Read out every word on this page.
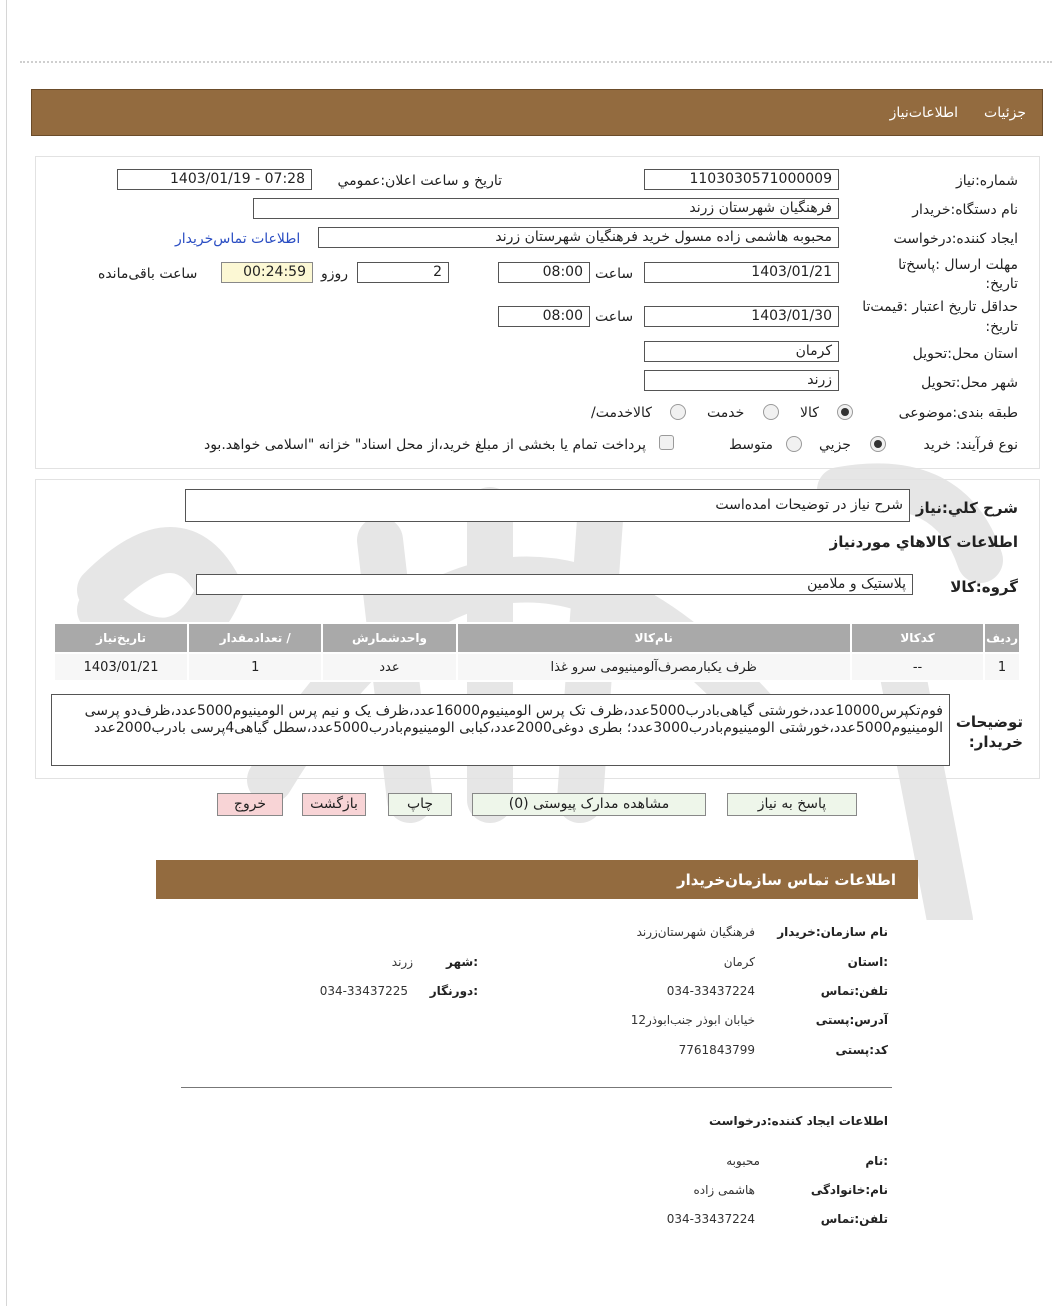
اطلاعات‌نیاز جزئیات
شماره:نیاز
1103030571000009
تاریخ و ساعت اعلان:عمومي
1403/01/19 - 07:28
نام دستگاه:خریدار
فرهنگیان شهرستان زرند
ایجاد کننده:درخواست
محبوبه هاشمی زاده مسول خرید فرهنگیان شهرستان زرند
اطلاعات تماس‌خریدار
مهلت ارسال :پاسخ‌تا
:تاریخ
1403/01/21
ساعت
08:00
2
روزو
00:24:59
ساعت باقی‌مانده
حداقل تاریخ اعتبار :قیمت‌تا
:تاریخ
1403/01/30
ساعت
08:00
استان محل:تحویل
کرمان
شهر محل:تحویل
زرند
طبقه بندی:موضوعی
کالا
خدمت
/کالاخدمت
نوع فرآیند: خرید
جزیي
متوسط
پرداخت تمام یا بخشی از مبلغ خرید،از محل اسناد" خزانه "اسلامی خواهد.بود
شرح کلي:نیاز
شرح نیاز در توضیحات امده‌است
اطلاعات کالاهاي موردنیاز
گروه:کالا
پلاستیک و ملامین
ردیف	کدکالا	نام‌کالا	واحدشمارش	/ تعدادمقدار	تاریخ‌نیاز
1	--	ظرف یکبارمصرف‌آلومینیومی سرو غذا	عدد	1	1403/01/21
توضیحات
:خریدار
فوم‌تکپرس10000عدد،خورشتی گیاهی‌بادرب5000عدد،ظرف تک پرس الومینیوم16000عدد،ظرف یک و نیم پرس الومینیوم5000عدد،ظرف‌دو پرسی الومینیوم5000عدد،خورشتی الومینیوم‌بادرب3000عدد؛ بطری دوغی2000عدد،کبابی الومینیوم‌بادرب5000عدد،سطل گیاهی4پرسی بادرب2000عدد
پاسخ به نیاز
مشاهده مدارک پیوستی (0)
چاپ
بازگشت
خروج
اطلاعات تماس سازمان‌خریدار
نام سازمان:خریدار
فرهنگیان شهرستان‌زرند
:استان
کرمان
:شهر
زرند
تلفن:تماس
034-33437224
:دورنگار
034-33437225
آدرس:پستی
خیابان ابوذر جنب‌ابوذر12
کد:پستی
7761843799
اطلاعات ایجاد کننده:درخواست
:نام
محبوبه
نام:خانوادگی
هاشمی زاده
تلفن:تماس
034-33437224
